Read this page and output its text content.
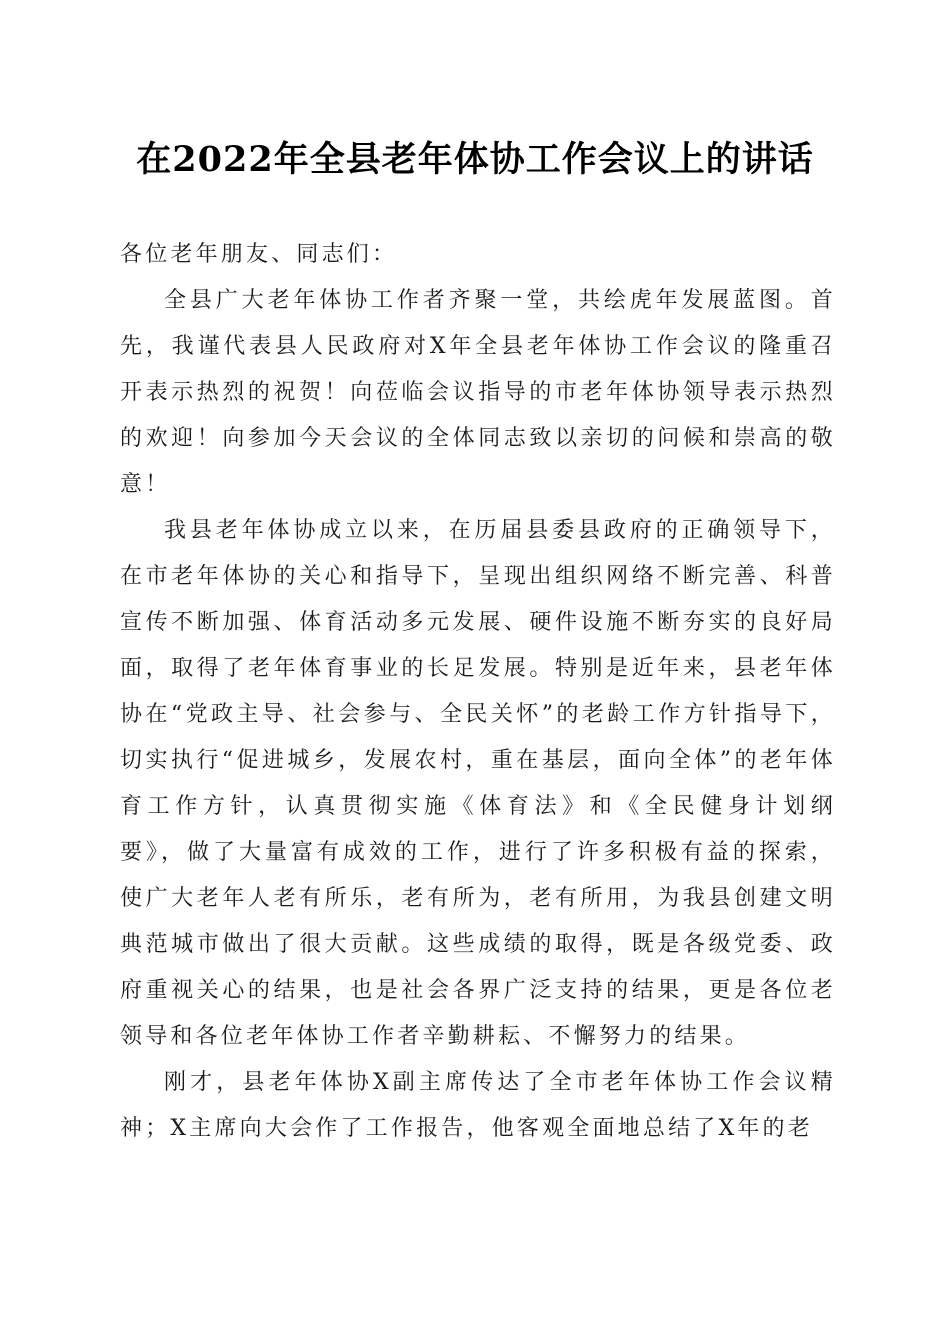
在2022年全县老年体协工作会议上的讲话

各位老年朋友、同志们：

全县广大老年体协工作者齐聚一堂，共绘虎年发展蓝图。首先，我谨代表县人民政府对X年全县老年体协工作会议的隆重召开表示热烈的祝贺！向莅临会议指导的市老年体协领导表示热烈的欢迎！向参加今天会议的全体同志致以亲切的问候和崇高的敬意！

我县老年体协成立以来，在历届县委县政府的正确领导下，在市老年体协的关心和指导下，呈现出组织网络不断完善、科普宣传不断加强、体育活动多元发展、硬件设施不断夯实的良好局面，取得了老年体育事业的长足发展。特别是近年来，县老年体协在“党政主导、社会参与、全民关怀”的老龄工作方针指导下，切实执行“促进城乡，发展农村，重在基层，面向全体”的老年体育工作方针，认真贯彻实施《体育法》和《全民健身计划纲要》，做了大量富有成效的工作，进行了许多积极有益的探索，使广大老年人老有所乐，老有所为，老有所用，为我县创建文明典范城市做出了很大贡献。这些成绩的取得，既是各级党委、政府重视关心的结果，也是社会各界广泛支持的结果，更是各位老领导和各位老年体协工作者辛勤耕耘、不懈努力的结果。

刚才，县老年体协X副主席传达了全市老年体协工作会议精神；X主席向大会作了工作报告，他客观全面地总结了X年的老
